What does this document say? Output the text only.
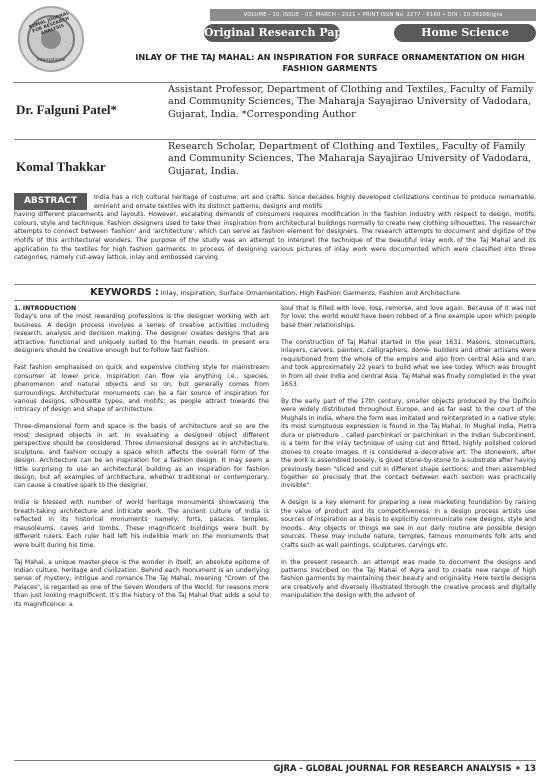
VOLUME - 10, ISSUE - 03, MARCH - 2021 • PRINT ISSN No. 2277 - 8160 • DOI : 10.36106/gjra
KOMAL JOURNAL FOR RESEARCH ANALYSIS
International
Original Research Paper	Home Science
INLAY OF THE TAJ MAHAL: AN INSPIRATION FOR SURFACE ORNAMENTATION ON HIGH FASHION GARMENTS
Dr. Falguni Patel*
Assistant Professor, Department of Clothing and Textiles, Faculty of Family and Community Sciences, The Maharaja Sayajirao University of Vadodara, Gujarat, India. *Corresponding Author
Komal Thakkar
Research Scholar, Department of Clothing and Textiles, Faculty of Family and Community Sciences, The Maharaja Sayajirao University of Vadodara, Gujarat, India.
ABSTRACT	India has a rich cultural heritage of costume, art and crafts. Since decades highly developed civilizations continue to produce remarkable, eminent and ornate textiles with its distinct patterns, designs and motifs
having different placements and layouts. However, escalating demands of consumers requires modification in the fashion industry with respect to design, motifs, colours, style and technique. Fashion designers used to take their inspiration from architectural buildings normally to create new clothing silhouettes. The researcher attempts to connect between 'fashion' and 'architecture', which can serve as fashion element for designers. The research attempts to document and digitize of the motifs of this architectural wonders. The purpose of the study was an attempt to interpret the technique of the beautiful inlay work of the Taj Mahal and its application to the textiles for high fashion garments. In process of designing various pictures of inlay work were documented which were classified into three categories, namely cut-away lattice, inlay and embossed carving.
KEYWORDS : Inlay, Inspiration, Surface Ornamentation, High Fashion Garments, Fashion and Architecture

1. INTRODUCTION

Today's one of the most rewarding professions is the designer working with art business. A design process involves a series of creative activities including research, analysis and decision making. The designer creates designs that are attractive, functional and uniquely suited to the human needs. In present era designers should be creative enough but to follow fast fashion.

Fast fashion emphasised on quick and expensive clothing style for mainstream consumer at lower price. Inspiration can flow via anything i.e., species, phenomenon and natural objects and so on, but generally comes from surroundings. Architectural monuments can be a fair source of inspiration for various designs, silhouette types, and motifs; as people attract towards the intricacy of design and shape of architecture.

Three-dimensional form and space is the basis of architecture and so are the most designed objects in art. In evaluating a designed object different perspective should be considered. Three dimensional designs as in architecture, sculpture, and fashion occupy a space which affects the overall form of the design. Architecture can be an inspiration for a fashion design. It may seem a little surprising to use an architectural building as an inspiration for fashion design, but all examples of architecture, whether traditional or contemporary, can cause a creative spark to the designer.

India is blessed with number of world heritage monuments showcasing the breath-taking architecture and intricate work. The ancient culture of India is reflected in its historical monuments namely; forts, palaces, temples, mausoleums, caves and tombs. These magnificent buildings were built by different rulers. Each ruler had left his indelible mark on the monuments that were built during his time.

Taj Mahal, a unique master-piece is the wonder in itself, an absolute epitome of Indian culture, heritage and civilization. Behind each monument is an underlying sense of mystery, intrigue and romance.The Taj Mahal, meaning "Crown of the Palaces", is regarded as one of the Seven Wonders of the World, for reasons more than just looking magnificent. It's the history of the Taj Mahal that adds a soul to its magnificence: a

soul that is filled with love, loss, remorse, and love again. Because of it was not for love; the world would have been robbed of a fine example upon which people base their relationships.

The construction of Taj Mahal started in the year 1631. Masons, stonecutters, inlayers, carvers, painters, calligraphers, dome- builders and other artisans were requisitioned from the whole of the empire and also from central Asia and Iran, and took approximately 22 years to build what we see today. Which was brought in from all over India and central Asia. Taj Mahal was finally completed in the year 1653.

By the early part of the 17th century, smaller objects produced by the Opificio were widely distributed throughout Europe, and as far east to the court of the Mughals in India, where the form was imitated and reinterpreted in a native style; its most sumptuous expression is found in the Taj Mahal. In Mughal India, Pietra dura or pietredure , called parchinkari or parchinkari in the Indian Subcontinent, is a term for the inlay technique of using cut and fitted, highly polished colored stones to create images. It is considered a decorative art. The stonework, after the work is assembled loosely, is glued stone-by-stone to a substrate after having previously been "sliced and cut in different shape sections; and then assembled together so precisely that the contact between each section was practically invisible".

A design is a key element for preparing a new marketing foundation by raising the value of product and its competitiveness. In a design process artists use sources of inspiration as a basis to explicitly communicate new designs, style and moods.. Any objects or things we see in our daily routine are possible design sources. These may include nature, temples, famous monuments folk arts and crafts such as wall paintings, sculptures, carvings etc.

In the present research, an attempt was made to document the designs and patterns inscribed on the Taj Mahal of Agra and to create new range of high fashion garments by maintaining their beauty and originality. Here textile designs are creatively and diversely illustrated through the creative process and digitally manipulation the design with the advent of

GJRA - GLOBAL JOURNAL FOR RESEARCH ANALYSIS ✶ 13
